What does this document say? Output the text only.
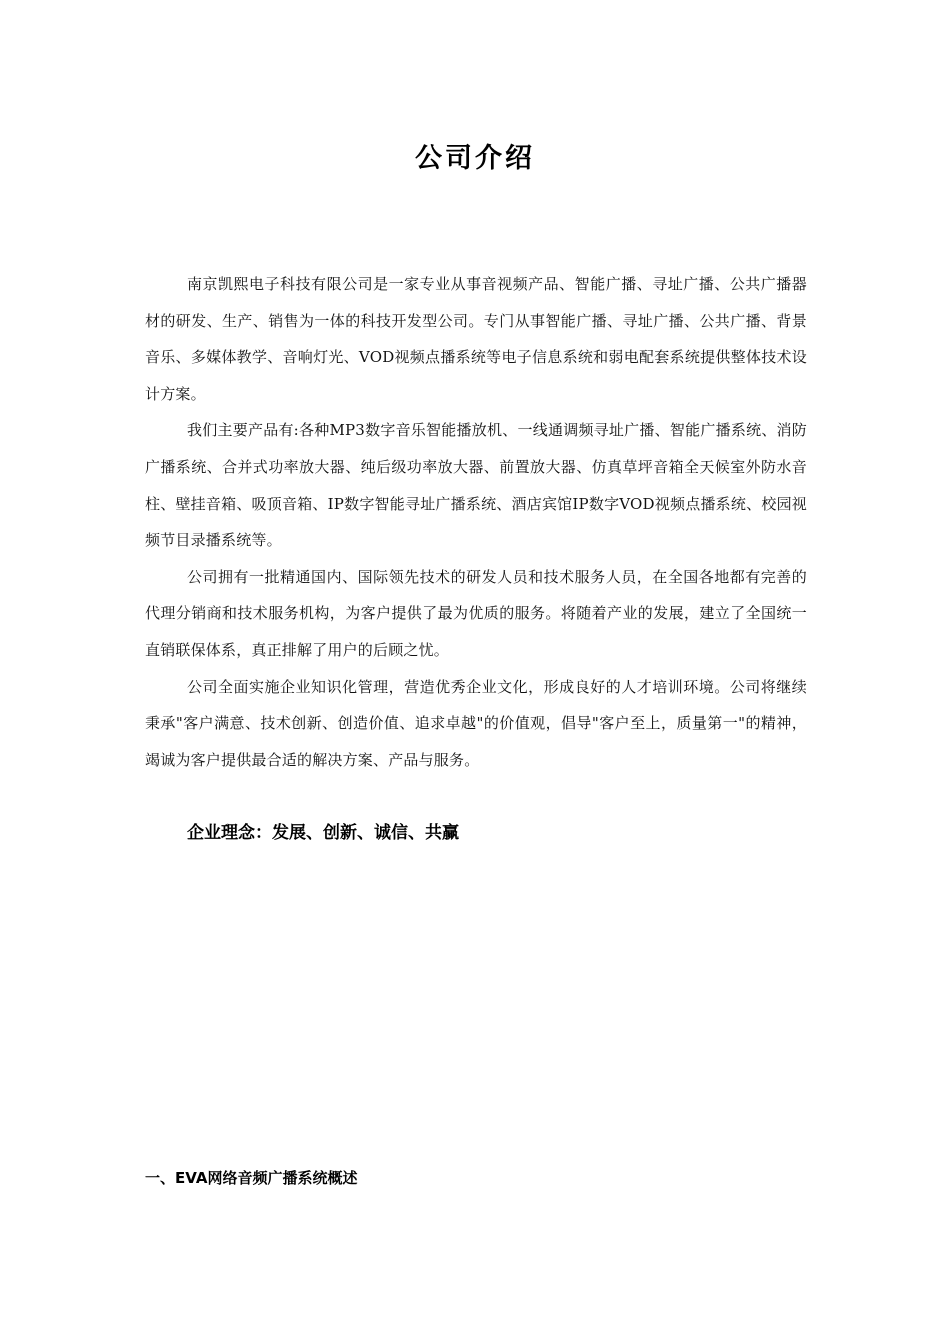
公司介绍

南京凯熙电子科技有限公司是一家专业从事音视频产品、智能广播、寻址广播、公共广播器材的研发、生产、销售为一体的科技开发型公司。专门从事智能广播、寻址广播、公共广播、背景音乐、多媒体教学、音响灯光、VOD视频点播系统等电子信息系统和弱电配套系统提供整体技术设计方案。

我们主要产品有:各种MP3数字音乐智能播放机、一线通调频寻址广播、智能广播系统、消防广播系统、合并式功率放大器、纯后级功率放大器、前置放大器、仿真草坪音箱全天候室外防水音柱、壁挂音箱、吸顶音箱、IP数字智能寻址广播系统、酒店宾馆IP数字VOD视频点播系统、校园视频节目录播系统等。

公司拥有一批精通国内、国际领先技术的研发人员和技术服务人员，在全国各地都有完善的代理分销商和技术服务机构，为客户提供了最为优质的服务。将随着产业的发展，建立了全国统一直销联保体系，真正排解了用户的后顾之忧。

公司全面实施企业知识化管理，营造优秀企业文化，形成良好的人才培训环境。公司将继续秉承"客户满意、技术创新、创造价值、追求卓越"的价值观，倡导"客户至上，质量第一"的精神，竭诚为客户提供最合适的解决方案、产品与服务。

企业理念：发展、创新、诚信、共赢
一、EVA网络音频广播系统概述
